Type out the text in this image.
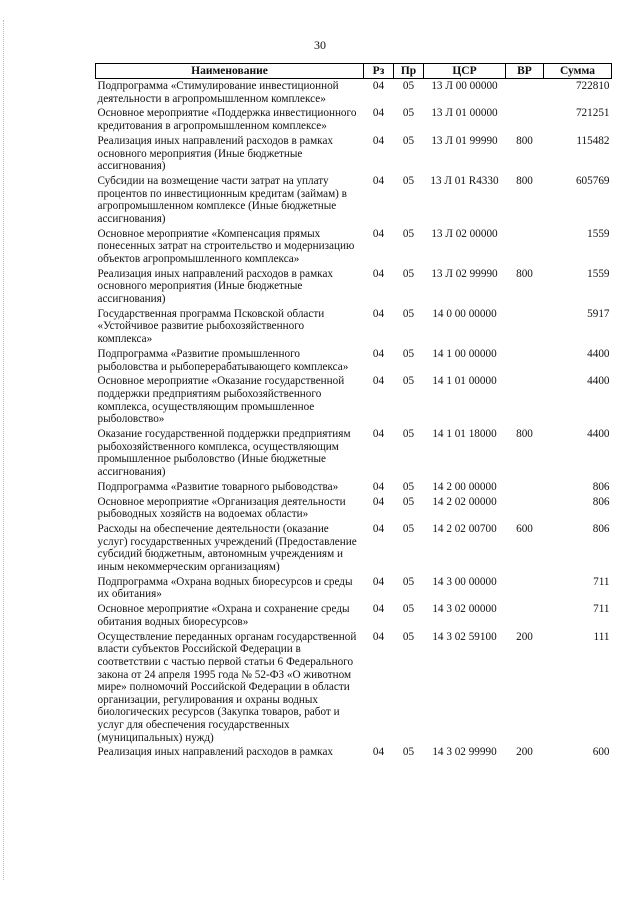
30
Наименование	Рз	Пр	ЦСР	ВР	Сумма
Подпрограмма «Стимулирование инвестиционной деятельности в агропромышленном комплексе»	04	05	13 Л 00 00000		722810
Основное мероприятие «Поддержка инвестиционного кредитования в агропромышленном комплексе»	04	05	13 Л 01 00000		721251
Реализация иных направлений расходов в рамках основного мероприятия (Иные бюджетные ассигнования)	04	05	13 Л 01 99990	800	115482
Субсидии на возмещение части затрат на уплату процентов по инвестиционным кредитам (займам) в агропромышленном комплексе (Иные бюджетные ассигнования)	04	05	13 Л 01 R4330	800	605769
Основное мероприятие «Компенсация прямых понесенных затрат на строительство и модернизацию объектов агропромышленного комплекса»	04	05	13 Л 02 00000		1559
Реализация иных направлений расходов в рамках основного мероприятия (Иные бюджетные ассигнования)	04	05	13 Л 02 99990	800	1559
Государственная программа Псковской области «Устойчивое развитие рыбохозяйственного комплекса»	04	05	14 0 00 00000		5917
Подпрограмма «Развитие промышленного рыболовства и рыбоперерабатывающего комплекса»	04	05	14 1 00 00000		4400
Основное мероприятие «Оказание государственной поддержки предприятиям рыбохозяйственного комплекса, осуществляющим промышленное рыболовство»	04	05	14 1 01 00000		4400
Оказание государственной поддержки предприятиям рыбохозяйственного комплекса, осуществляющим промышленное рыболовство (Иные бюджетные ассигнования)	04	05	14 1 01 18000	800	4400
Подпрограмма «Развитие товарного рыбоводства»	04	05	14 2 00 00000		806
Основное мероприятие «Организация деятельности рыбоводных хозяйств на водоемах области»	04	05	14 2 02 00000		806
Расходы на обеспечение деятельности (оказание услуг) государственных учреждений (Предоставление субсидий бюджетным, автономным учреждениям и иным некоммерческим организациям)	04	05	14 2 02 00700	600	806
Подпрограмма «Охрана водных биоресурсов и среды их обитания»	04	05	14 3 00 00000		711
Основное мероприятие «Охрана и сохранение среды обитания водных биоресурсов»	04	05	14 3 02 00000		711
Осуществление переданных органам государственной власти субъектов Российской Федерации в соответствии с частью первой статьи 6 Федерального закона от 24 апреля 1995 года № 52-ФЗ «О животном мире» полномочий Российской Федерации в области организации, регулирования и охраны водных биологических ресурсов (Закупка товаров, работ и услуг для обеспечения государственных (муниципальных) нужд)	04	05	14 3 02 59100	200	111
Реализация иных направлений расходов в рамках	04	05	14 3 02 99990	200	600
